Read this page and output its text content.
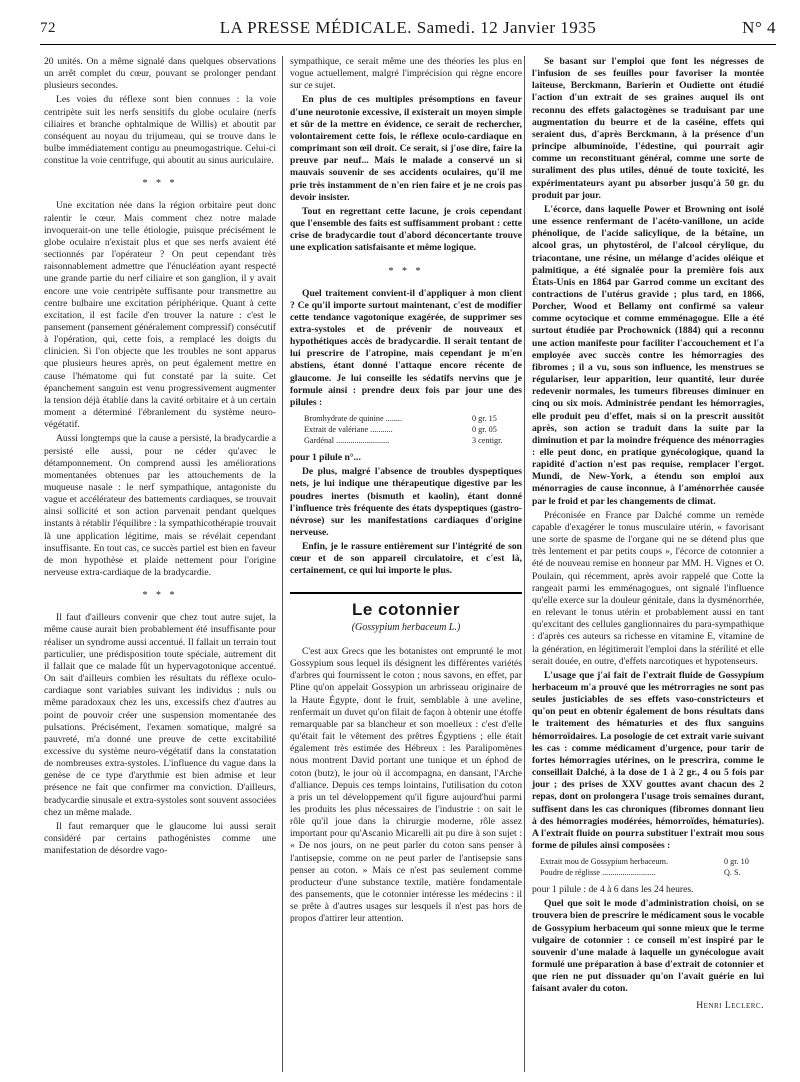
72	LA PRESSE MÉDICALE. Samedi. 12 Janvier 1935	N° 4

20 unités. On a même signalé dans quelques observations un arrêt complet du cœur, pouvant se prolonger pendant plusieurs secondes.

Les voies du réflexe sont bien connues : la voie centripète suit les nerfs sensitifs du globe oculaire (nerfs ciliaires et branche ophtalmique de Willis) et aboutit par conséquent au noyau du trijumeau, qui se trouve dans le bulbe immédiatement contigu au pneumogastrique. Celui-ci constitue la voie centrifuge, qui aboutit au sinus auriculaire.

* * *

Une excitation née dans la région orbitaire peut donc ralentir le cœur. Mais comment chez notre malade invoquerait-on une telle étiologie, puisque précisément le globe oculaire n'existait plus et que ses nerfs avaient été sectionnés par l'opérateur ? On peut cependant très raisonnablement admettre que l'énucléation ayant respecté une grande partie du nerf ciliaire et son ganglion, il y avait encore une voie centripète suffisante pour transmettre au centre bulbaire une excitation périphérique. Quant à cette excitation, il est facile d'en trouver la nature : c'est le pansement (pansement généralement compressif) consécutif à l'opération, qui, cette fois, a remplacé les doigts du clinicien. Si l'on objecte que les troubles ne sont apparus que plusieurs heures après, on peut également mettre en cause l'hématome qui fut constaté par la suite. Cet épanchement sanguin est venu progressivement augmenter la tension déjà établie dans la cavité orbitaire et à un certain moment a déterminé l'ébranlement du système neuro-végétatif.

Aussi longtemps que la cause a persisté, la bradycardie a persisté elle aussi, pour ne céder qu'avec le détamponnement. On comprend aussi les améliorations momentanées obtenues par les attouchements de la muqueuse nasale : le nerf sympathique, antagoniste du vague et accélérateur des battements cardiaques, se trouvait ainsi sollicité et son action parvenait pendant quelques instants à rétablir l'équilibre : la sympathicothérapie trouvait là une application légitime, mais se révélait cependant insuffisante. En tout cas, ce succès partiel est bien en faveur de mon hypothèse et plaide nettement pour l'origine nerveuse extra-cardiaque de la bradycardie.

* * *

Il faut d'ailleurs convenir que chez tout autre sujet, la même cause aurait bien probablement été insuffisante pour réaliser un syndrome aussi accentué. Il fallait un terrain tout particulier, une prédisposition toute spéciale, autrement dit il fallait que ce malade fût un hypervagotonique accentué. On sait d'ailleurs combien les résultats du réflexe oculo-cardiaque sont variables suivant les individus : nuls ou même paradoxaux chez les uns, excessifs chez d'autres au point de pouvoir créer une suspension momentanée des pulsations. Précisément, l'examen somatique, malgré sa pauvreté, m'a donné une preuve de cette excitabilité excessive du système neuro-végétatif dans la constatation de nombreuses extra-systoles. L'influence du vague dans la genèse de ce type d'arythmie est bien admise et leur présence ne fait que confirmer ma conviction. D'ailleurs, bradycardie sinusale et extra-systoles sont souvent associées chez un même malade.

Il faut remarquer que le glaucome lui aussi serait considéré par certains pathogénistes comme une manifestation de désordre vago-

sympathique, ce serait même une des théories les plus en vogue actuellement, malgré l'imprécision qui règne encore sur ce sujet.

En plus de ces multiples présomptions en faveur d'une neurotonie excessive, il existerait un moyen simple et sûr de la mettre en évidence, ce serait de rechercher, volontairement cette fois, le réflexe oculo-cardiaque en comprimant son œil droit. Ce serait, si j'ose dire, faire la preuve par neuf... Mais le malade a conservé un si mauvais souvenir de ses accidents oculaires, qu'il me prie très instamment de n'en rien faire et je ne crois pas devoir insister.

Tout en regrettant cette lacune, je crois cependant que l'ensemble des faits est suffisamment probant : cette crise de bradycardie tout d'abord déconcertante trouve une explication satisfaisante et même logique.

* * *

Quel traitement convient-il d'appliquer à mon client ? Ce qu'il importe surtout maintenant, c'est de modifier cette tendance vagotonique exagérée, de supprimer ses extra-systoles et de prévenir de nouveaux et hypothétiques accès de bradycardie. Il serait tentant de lui prescrire de l'atropine, mais cependant je m'en abstiens, étant donné l'attaque encore récente de glaucome. Je lui conseille les sédatifs nervins que je formule ainsi : prendre deux fois par jour une des pilules :

Bromhydrate de quinine ........	0 gr. 15
Extrait de valériane ...........	0 gr. 05
Gardénal ..........................	3 centigr.

pour 1 pilule n°...

De plus, malgré l'absence de troubles dyspeptiques nets, je lui indique une thérapeutique digestive par les poudres inertes (bismuth et kaolin), étant donné l'influence très fréquente des états dyspeptiques (gastro-névrose) sur les manifestations cardiaques d'origine nerveuse.

Enfin, je le rassure entièrement sur l'intégrité de son cœur et de son appareil circulatoire, et c'est là, certainement, ce qui lui importe le plus.

Le cotonnier
(Gossypium herbaceum L.)

C'est aux Grecs que les botanistes ont emprunté le mot Gossypium sous lequel ils désignent les différentes variétés d'arbres qui fournissent le coton ; nous savons, en effet, par Pline qu'on appelait Gossypion un arbrisseau originaire de la Haute Égypte, dont le fruit, semblable à une aveline, renfermait un duvet qu'on filait de façon à obtenir une étoffe remarquable par sa blancheur et son moelleux : c'est d'elle qu'était fait le vêtement des prêtres Égyptiens ; elle était également très estimée des Hébreux : les Paralipomènes nous montrent David portant une tunique et un éphod de coton (butz), le jour où il accompagna, en dansant, l'Arche d'alliance. Depuis ces temps lointains, l'utilisation du coton a pris un tel développement qu'il figure aujourd'hui parmi les produits les plus nécessaires de l'industrie : on sait le rôle qu'il joue dans la chirurgie moderne, rôle assez important pour qu'Ascanio Micarelli ait pu dire à son sujet : « De nos jours, on ne peut parler du coton sans penser à l'antisepsie, comme on ne peut parler de l'antisepsie sans penser au coton. » Mais ce n'est pas seulement comme producteur d'une substance textile, matière fondamentale des pansements, que le cotonnier intéresse les médecins : il se prête à d'autres usages sur lesquels il n'est pas hors de propos d'attirer leur attention.

Se basant sur l'emploi que font les négresses de l'infusion de ses feuilles pour favoriser la montée laiteuse, Berckmann, Barierin et Oudiette ont étudié l'action d'un extrait de ses graines auquel ils ont reconnu des effets galactogènes se traduisant par une augmentation du beurre et de la caséine, effets qui seraient dus, d'après Berckmann, à la présence d'un principe albuminoïde, l'édestine, qui pourrait agir comme un reconstituant général, comme une sorte de suraliment des plus utiles, dénué de toute toxicité, les expérimentateurs ayant pu absorber jusqu'à 50 gr. du produit par jour.

L'écorce, dans laquelle Power et Browning ont isolé une essence renfermant de l'acéto-vanillone, un acide phénolique, de l'acide salicylique, de la bétaïne, un alcool gras, un phytostérol, de l'alcool cérylique, du triacontane, une résine, un mélange d'acides oléique et palmitique, a été signalée pour la première fois aux États-Unis en 1864 par Garrod comme un excitant des contractions de l'utérus gravide ; plus tard, en 1866, Porcher, Wood et Bellamy ont confirmé sa valeur comme ocytocique et comme emménagogue. Elle a été surtout étudiée par Prochownick (1884) qui a reconnu une action manifeste pour faciliter l'accouchement et l'a employée avec succès contre les hémorragies des fibromes ; il a vu, sous son influence, les menstrues se régulariser, leur apparition, leur quantité, leur durée redevenir normales, les tumeurs fibreuses diminuer en cinq ou six mois. Administrée pendant les hémorragies, elle produit peu d'effet, mais si on la prescrit aussitôt après, son action se traduit dans la suite par la diminution et par la moindre fréquence des ménorragies : elle peut donc, en pratique gynécologique, quand la rapidité d'action n'est pas requise, remplacer l'ergot. Mundi, de New-York, a étendu son emploi aux ménorragies de cause inconnue, à l'aménorrhée causée par le froid et par les changements de climat.

Préconisée en France par Dalché comme un remède capable d'exagérer le tonus musculaire utérin, « favorisant une sorte de spasme de l'organe qui ne se détend plus que très lentement et par petits coups », l'écorce de cotonnier a été de nouveau remise en honneur par MM. H. Vignes et O. Poulain, qui récemment, après avoir rappelé que Cotte la rangeait parmi les emménagogues, ont signalé l'influence qu'elle exerce sur la douleur génitale, dans la dysménorrhée, en relevant le tonus utérin et probablement aussi en tant qu'excitant des cellules ganglionnaires du para-sympathique : d'après ces auteurs sa richesse en vitamine E, vitamine de la génération, en légitimerait l'emploi dans la stérilité et elle serait douée, en outre, d'effets narcotiques et hypotenseurs.

L'usage que j'ai fait de l'extrait fluide de Gossypium herbaceum m'a prouvé que les métrorragies ne sont pas seules justiciables de ses effets vaso-constricteurs et qu'on peut en obtenir également de bons résultats dans le traitement des hématuries et des flux sanguins hémorroïdaires. La posologie de cet extrait varie suivant les cas : comme médicament d'urgence, pour tarir de fortes hémorragies utérines, on le prescrira, comme le conseillait Dalché, à la dose de 1 à 2 gr., 4 ou 5 fois par jour ; des prises de XXV gouttes avant chacun des 2 repas, dont on prolongera l'usage trois semaines durant, suffisent dans les cas chroniques (fibromes donnant lieu à des hémorragies modérées, hémorroïdes, hématuries). A l'extrait fluide on pourra substituer l'extrait mou sous forme de pilules ainsi composées :

Extrait mou de Gossypium herbaceum.	0 gr. 10
Poudre de réglisse ..........................	Q. S.

pour 1 pilule : de 4 à 6 dans les 24 heures.

Quel que soit le mode d'administration choisi, on se trouvera bien de prescrire le médicament sous le vocable de Gossypium herbaceum qui sonne mieux que le terme vulgaire de cotonnier : ce conseil m'est inspiré par le souvenir d'une malade à laquelle un gynécologue avait formulé une préparation à base d'extrait de cotonnier et que rien ne put dissuader qu'on l'avait guérie en lui faisant avaler du coton.

Henri Leclerc.
